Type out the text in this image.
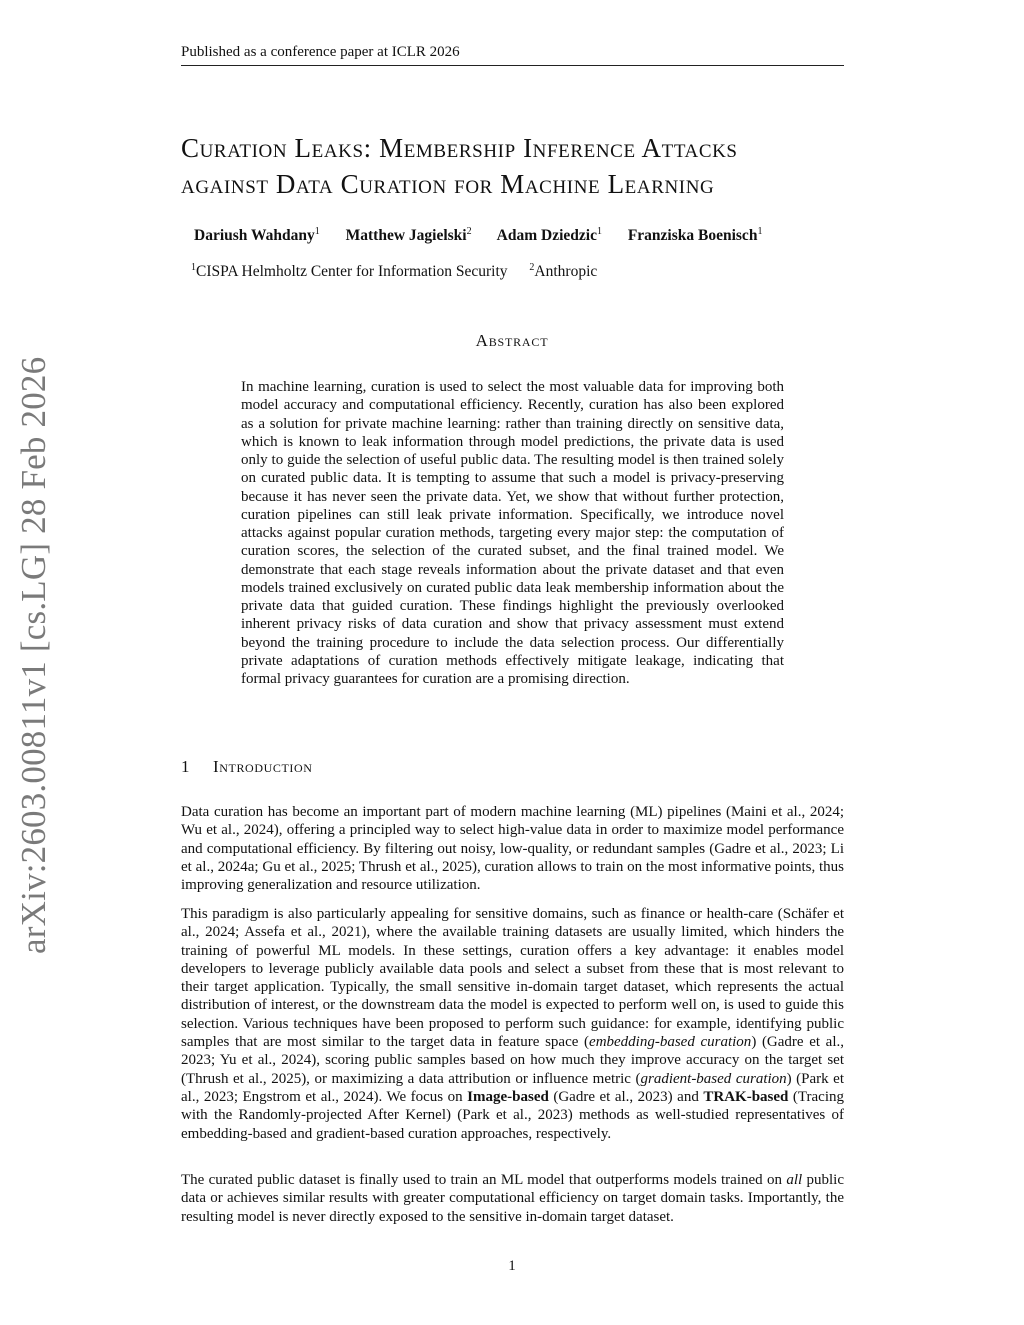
Published as a conference paper at ICLR 2026
arXiv:2603.00811v1 [cs.LG] 28 Feb 2026
Curation Leaks: Membership Inference Attacks
against Data Curation for Machine Learning
Dariush Wahdany$^1$ Matthew Jagielski$^2$ Adam Dziedzic$^1$ Franziska Boenisch$^1$
$^1$CISPA Helmholtz Center for Information Security $^2$Anthropic
Abstract
In machine learning, curation is used to select the most valuable data for improving both model accuracy and computational efficiency. Recently, curation has also been explored as a solution for private machine learning: rather than training directly on sensitive data, which is known to leak information through model predictions, the private data is used only to guide the selection of useful public data. The resulting model is then trained solely on curated public data. It is tempting to assume that such a model is privacy-preserving because it has never seen the private data. Yet, we show that without further protection, curation pipelines can still leak private information. Specifically, we introduce novel attacks against popular curation methods, targeting every major step: the computation of curation scores, the selection of the curated subset, and the final trained model. We demonstrate that each stage reveals information about the private dataset and that even models trained exclusively on curated public data leak membership information about the private data that guided curation. These findings highlight the previously overlooked inherent privacy risks of data curation and show that privacy assessment must extend beyond the training procedure to include the data selection process. Our differentially private adaptations of curation methods effectively mitigate leakage, indicating that formal privacy guarantees for curation are a promising direction.
1 Introduction
Data curation has become an important part of modern machine learning (ML) pipelines (Maini et al., 2024; Wu et al., 2024), offering a principled way to select high-value data in order to maximize model performance and computational efficiency. By filtering out noisy, low-quality, or redundant samples (Gadre et al., 2023; Li et al., 2024a; Gu et al., 2025; Thrush et al., 2025), curation allows to train on the most informative points, thus improving generalization and resource utilization.
This paradigm is also particularly appealing for sensitive domains, such as finance or health-care (Schäfer et al., 2024; Assefa et al., 2021), where the available training datasets are usually limited, which hinders the training of powerful ML models. In these settings, curation offers a key advantage: it enables model developers to leverage publicly available data pools and select a subset from these that is most relevant to their target application. Typically, the small sensitive in-domain target dataset, which represents the actual distribution of interest, or the downstream data the model is expected to perform well on, is used to guide this selection. Various techniques have been proposed to perform such guidance: for example, identifying public samples that are most similar to the target data in feature space (embedding-based curation) (Gadre et al., 2023; Yu et al., 2024), scoring public samples based on how much they improve accuracy on the target set (Thrush et al., 2025), or maximizing a data attribution or influence metric (gradient-based curation) (Park et al., 2023; Engstrom et al., 2024). We focus on Image-based (Gadre et al., 2023) and TRAK-based (Tracing with the Randomly-projected After Kernel) (Park et al., 2023) methods as well-studied representatives of embedding-based and gradient-based curation approaches, respectively.
The curated public dataset is finally used to train an ML model that outperforms models trained on all public data or achieves similar results with greater computational efficiency on target domain tasks. Importantly, the resulting model is never directly exposed to the sensitive in-domain target dataset.
1
